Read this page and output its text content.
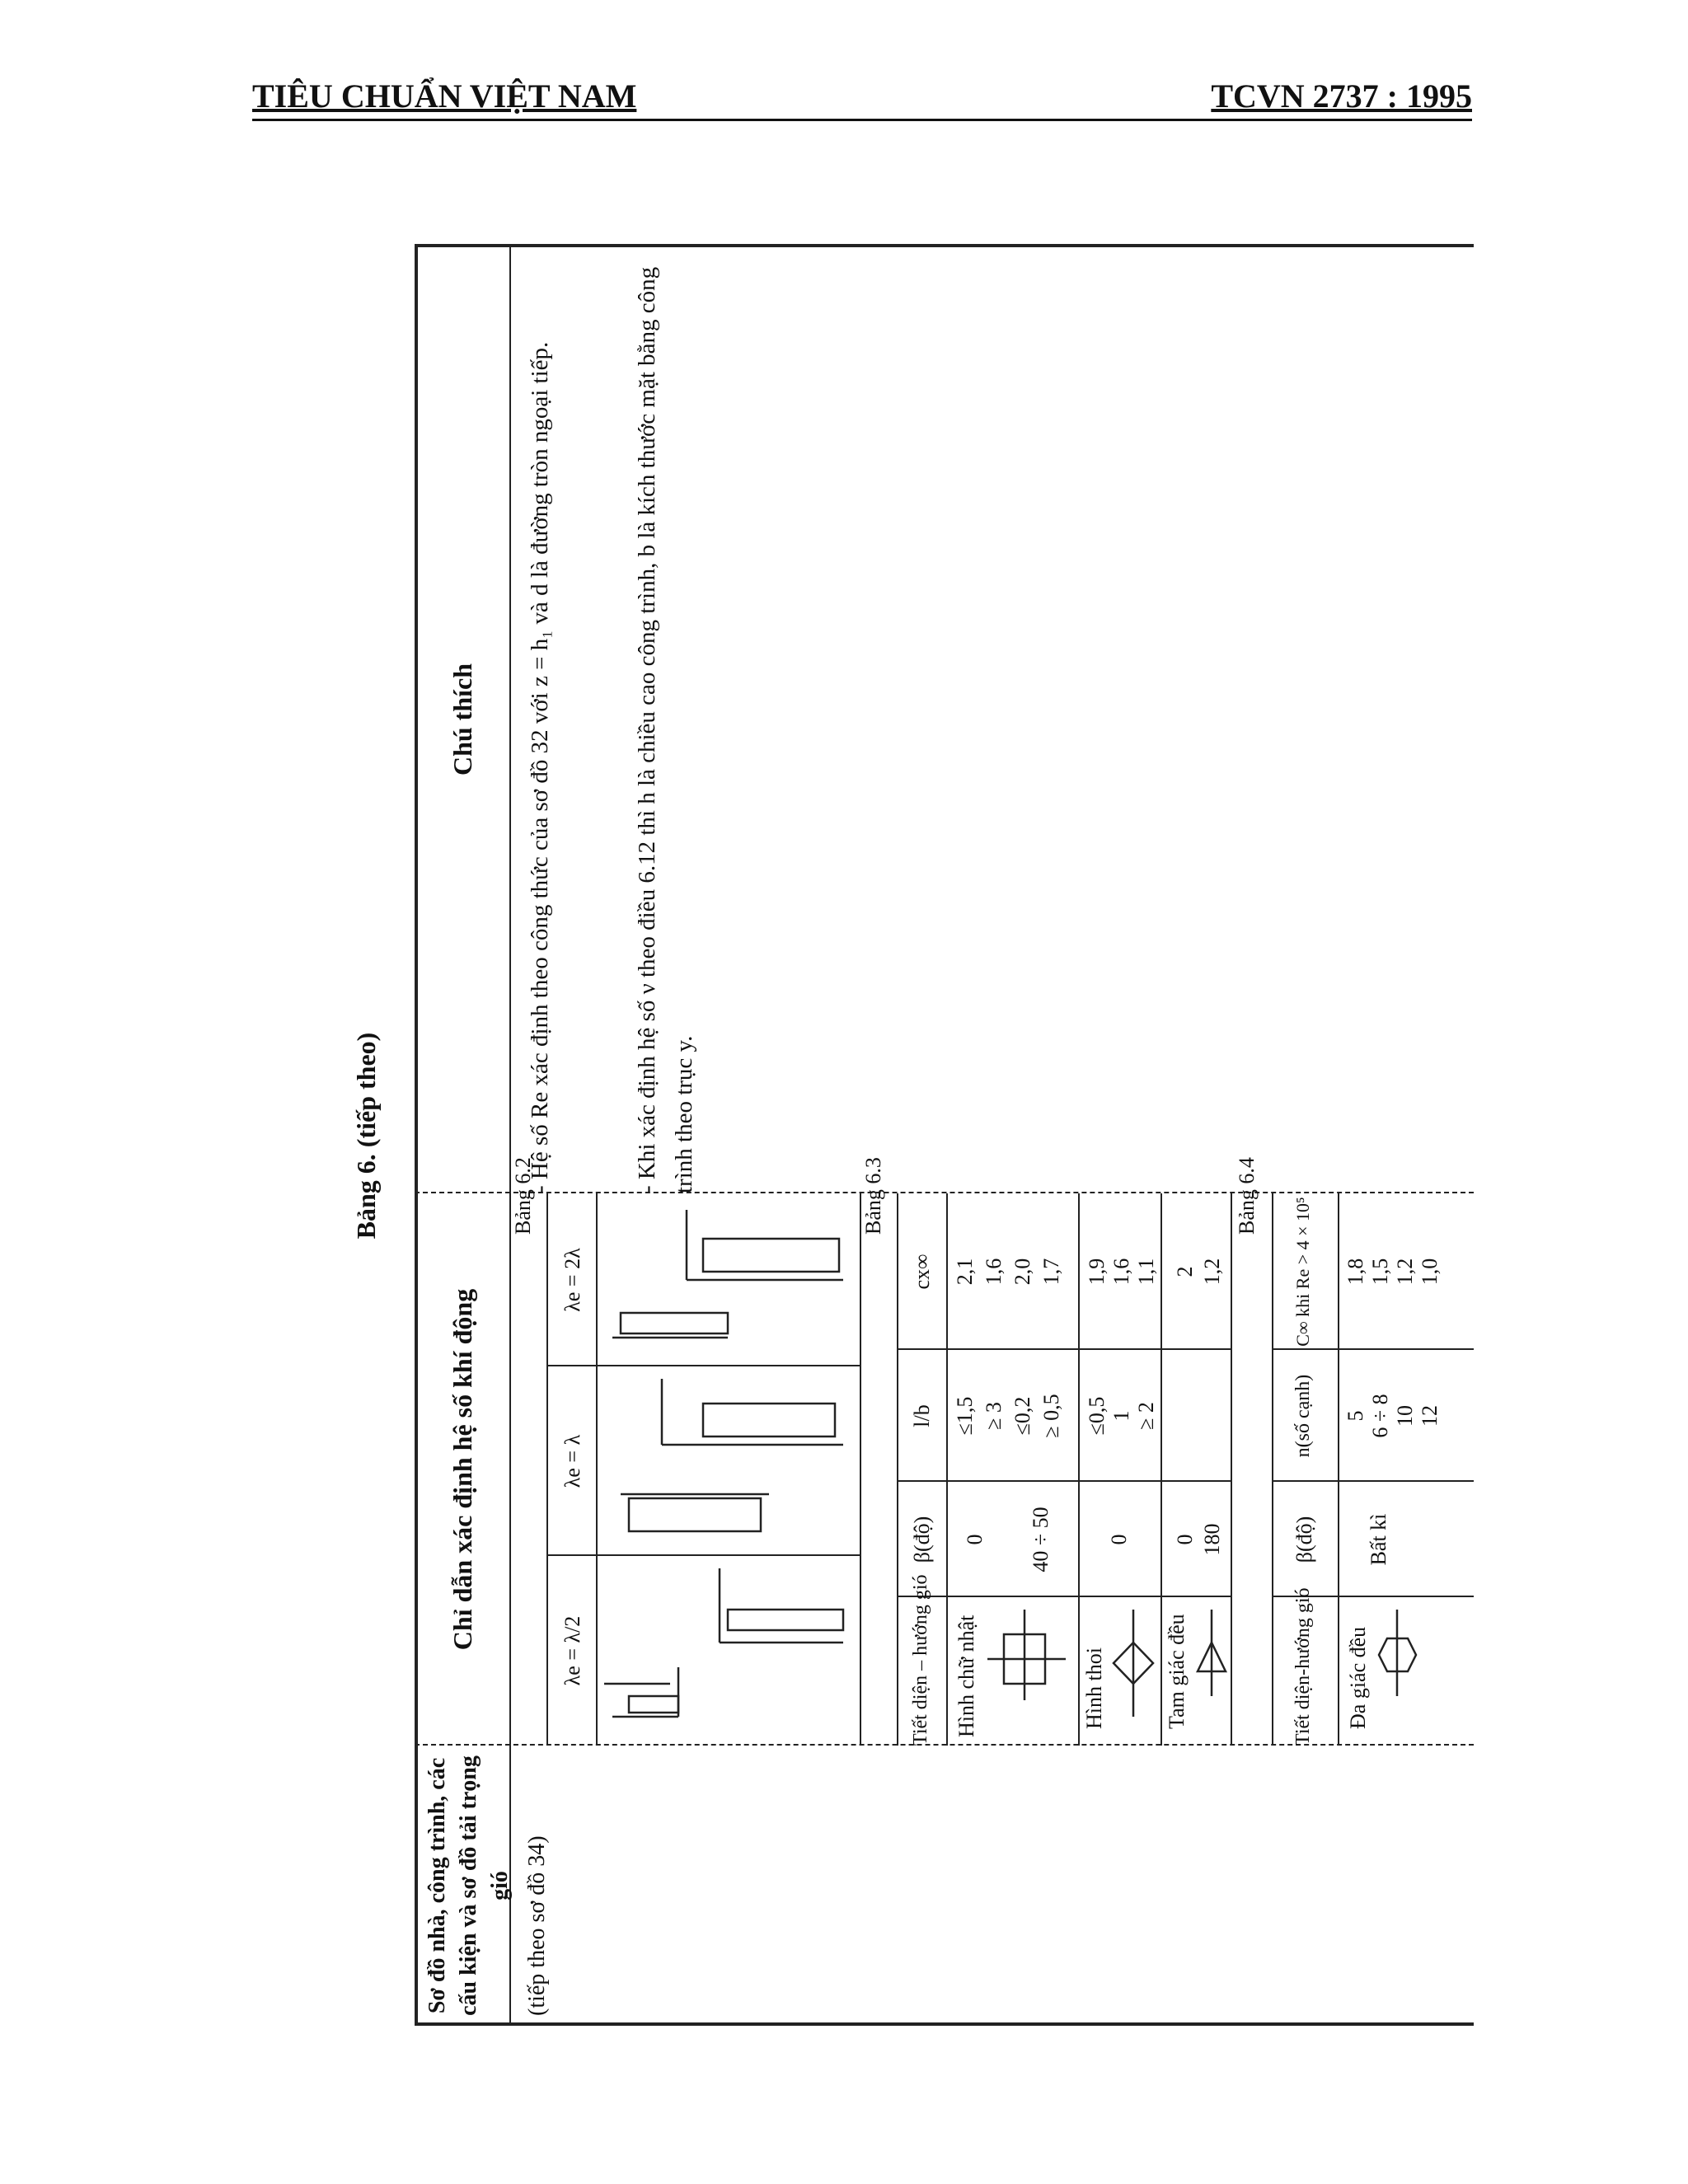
TIÊU CHUẨN VIỆT NAM	TCVN 2737 : 1995
Bảng 6. (tiếp theo)
Sơ đồ nhà, công trình, các cấu kiện và sơ đồ tải trọng gió
Chỉ dẫn xác định hệ số khí động
Chú thích
(tiếp theo sơ đồ 34)
- Hệ số Re xác định theo công thức của sơ đồ 32 với z = h₁ và d là đường tròn ngoại tiếp.	- Khi xác định hệ số ν theo điều 6.12 thì h là chiều cao công trình, b là kích thước mặt bằng công trình theo trục y.
Bảng 6.2
λe = λ/2
λe = λ
λe = 2λ
Bảng 6.3
Tiết diện – hướng gió
β(độ)
l/b
cx∞
Hình chữ nhật
0 40 ÷ 50
≤1,5 ≥ 3 ≤0,2 ≥ 0,5
2,1 1,6 2,0 1,7
Hình thoi
0
≤0,5 1 ≥ 2
1,9 1,6 1,1
Tam giác đều
0 180
2 1,2
Bảng 6.4
Tiết diện-hướng gió
β(độ)
n(số cạnh)
C∞ khi Re > 4 × 10⁵
Đa giác đều
Bất kì
5 6 ÷ 8 10 12
1,8 1,5 1,2 1,0
